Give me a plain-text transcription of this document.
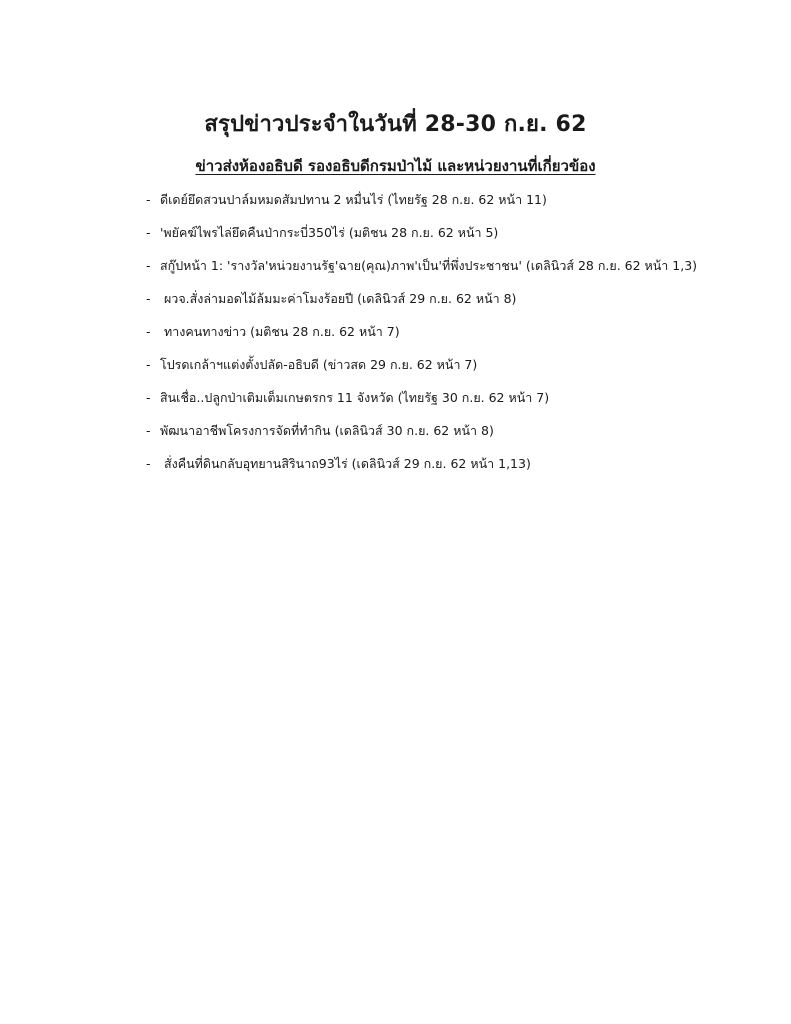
สรุปข่าวประจำในวันที่ 28-30 ก.ย. 62
ข่าวส่งห้องอธิบดี รองอธิบดีกรมป่าไม้ และหน่วยงานที่เกี่ยวข้อง
- ดีเดย์ยึดสวนปาล์มหมดสัมปทาน 2 หมื่นไร่ (ไทยรัฐ 28 ก.ย. 62 หน้า 11)
- 'พยัคฆ์ไพรไล่ยึดคืนป่ากระบี่350ไร่ (มติชน 28 ก.ย. 62 หน้า 5)
- สกู๊ปหน้า 1: 'รางวัล'หน่วยงานรัฐ'ฉาย(คุณ)ภาพ'เป็น'ที่พึ่งประชาชน' (เดลินิวส์ 28 ก.ย. 62 หน้า 1,3)
- ผวจ.สั่งล่ามอดไม้ล้มมะค่าโมงร้อยปี (เดลินิวส์ 29 ก.ย. 62 หน้า 8)
- ทางคนทางข่าว (มติชน 28 ก.ย. 62 หน้า 7)
- โปรดเกล้าฯแต่งตั้งปลัด-อธิบดี (ข่าวสด 29 ก.ย. 62 หน้า 7)
- สินเชื่อ..ปลูกป่าเติมเต็มเกษตรกร 11 จังหวัด (ไทยรัฐ 30 ก.ย. 62 หน้า 7)
- พัฒนาอาชีพโครงการจัดที่ทำกิน (เดลินิวส์ 30 ก.ย. 62 หน้า 8)
- สั่งคืนที่ดินกลับอุทยานสิรินาถ93ไร่ (เดลินิวส์ 29 ก.ย. 62 หน้า 1,13)
